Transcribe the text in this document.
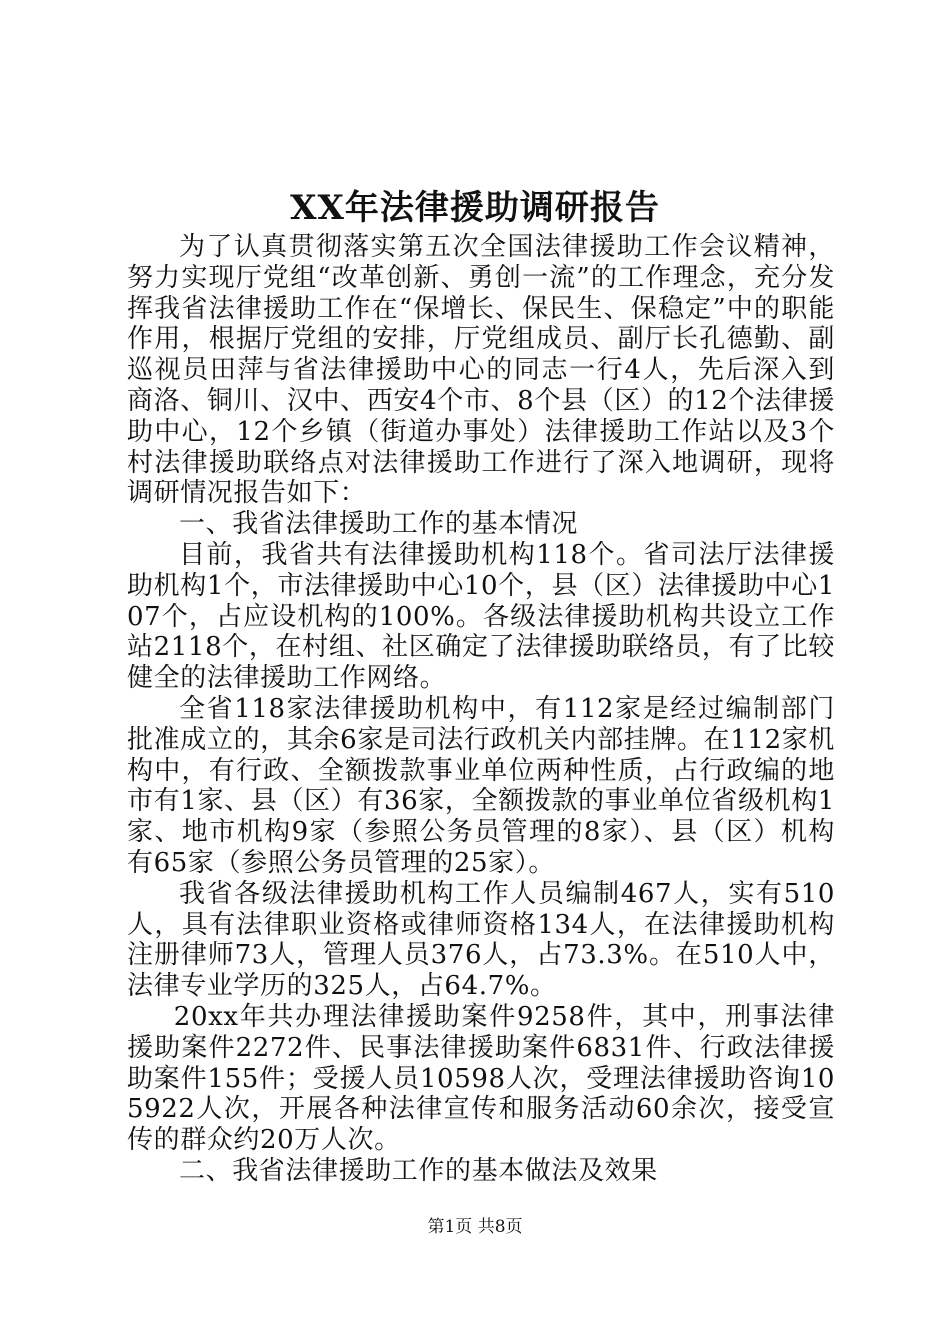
XX年法律援助调研报告

为了认真贯彻落实第五次全国法律援助工作会议精神，努力实现厅党组“改革创新、勇创一流”的工作理念，充分发挥我省法律援助工作在“保增长、保民生、保稳定”中的职能作用，根据厅党组的安排，厅党组成员、副厅长孔德勤、副巡视员田萍与省法律援助中心的同志一行4人，先后深入到商洛、铜川、汉中、西安4个市、8个县（区）的12个法律援助中心，12个乡镇（街道办事处）法律援助工作站以及3个村法律援助联络点对法律援助工作进行了深入地调研，现将调研情况报告如下：

一、我省法律援助工作的基本情况

目前，我省共有法律援助机构118个。省司法厅法律援助机构1个，市法律援助中心10个，县（区）法律援助中心107个，占应设机构的100%。各级法律援助机构共设立工作站2118个，在村组、社区确定了法律援助联络员，有了比较健全的法律援助工作网络。

全省118家法律援助机构中，有112家是经过编制部门批准成立的，其余6家是司法行政机关内部挂牌。在112家机构中，有行政、全额拨款事业单位两种性质，占行政编的地市有1家、县（区）有36家，全额拨款的事业单位省级机构1家、地市机构9家（参照公务员管理的8家）、县（区）机构有65家（参照公务员管理的25家）。

我省各级法律援助机构工作人员编制467人，实有510人，具有法律职业资格或律师资格134人，在法律援助机构注册律师73人，管理人员376人，占73.3%。在510人中，法律专业学历的325人，占64.7%。

20xx年共办理法律援助案件9258件，其中，刑事法律援助案件2272件、民事法律援助案件6831件、行政法律援助案件155件；受援人员10598人次，受理法律援助咨询105922人次，开展各种法律宣传和服务活动60余次，接受宣传的群众约20万人次。

二、我省法律援助工作的基本做法及效果

第1页 共8页
